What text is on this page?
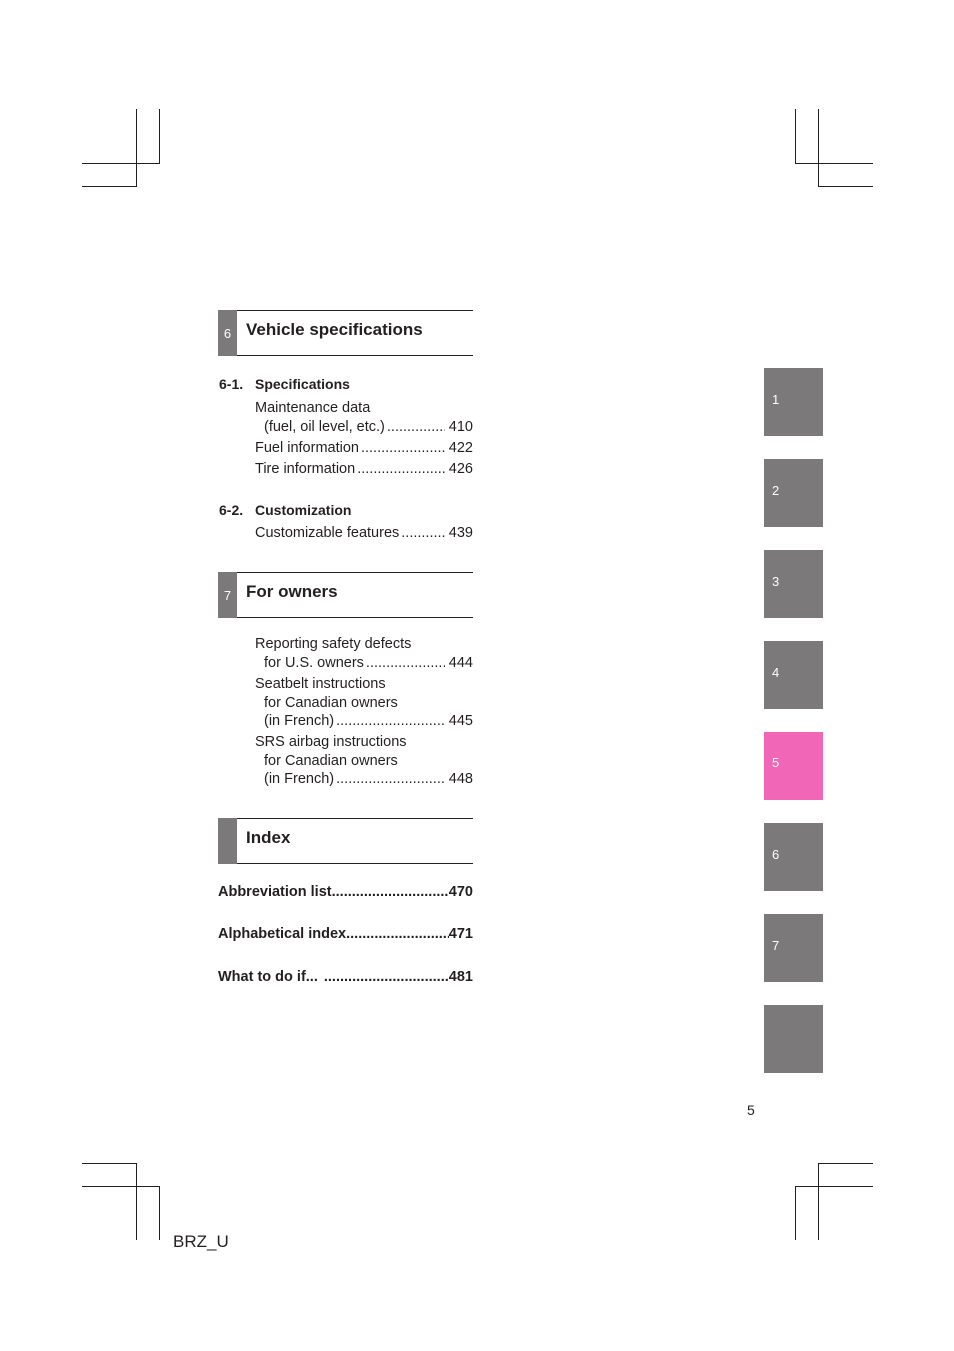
6 Vehicle specifications
6-1. Specifications
Maintenance data
(fuel, oil level, etc.) .....	410
Fuel information .....	422
Tire information .....	426
6-2. Customization
Customizable features .....	439
7 For owners
Reporting safety defects
for U.S. owners .....	444
Seatbelt instructions
for Canadian owners
(in French) .....	445
SRS airbag instructions
for Canadian owners
(in French) .....	448
Index
Abbreviation list .....	470
Alphabetical index .....	471
What to do if... .....	481
1
2
3
4
5
6
7
5
BRZ_U
